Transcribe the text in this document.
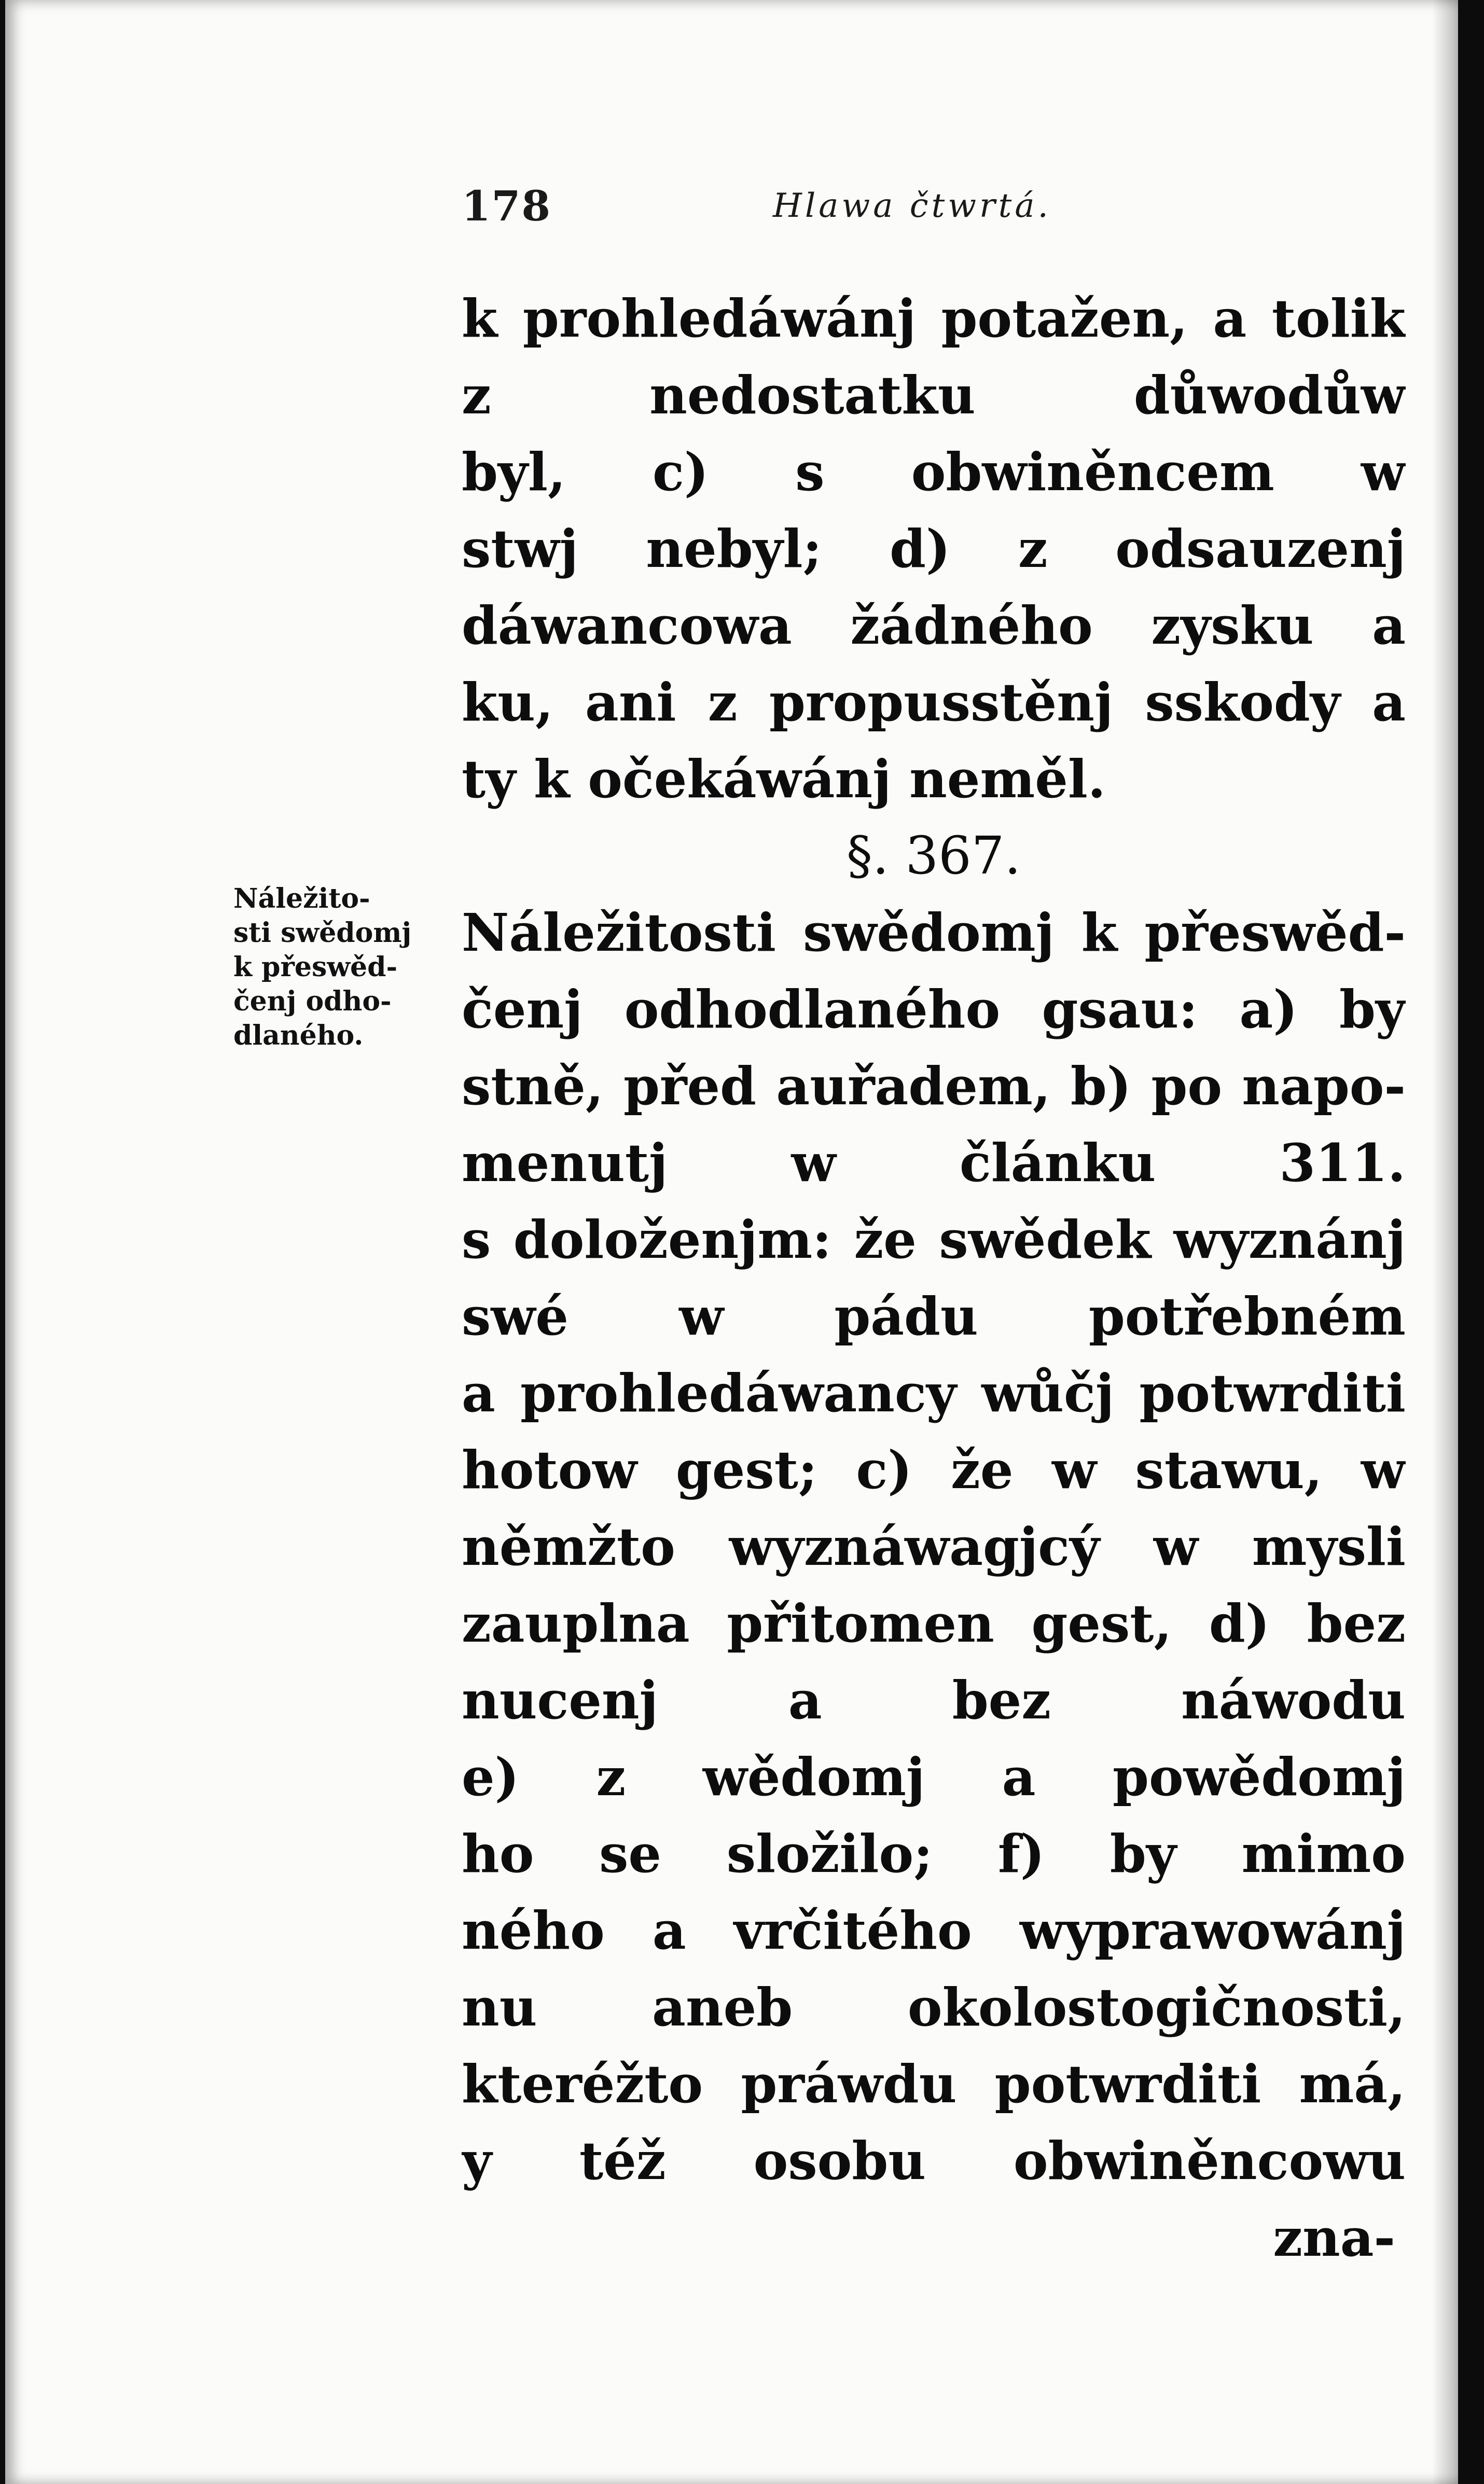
178	Hlawa čtwrtá.
Náležito-
sti swědomj
k přeswěd-
čenj odho-
dlaného.
k prohledáwánj potažen, a tolik
z nedostatku důwodůw
byl, c) s obwiněncem w
stwj nebyl; d) z odsauzenj
dáwancowa žádného zysku a
ku, ani z propusstěnj sskody a
ty k očekáwánj neměl.
§. 367.
Náležitosti swědomj k přeswěd-
čenj odhodlaného gsau: a) by
stně, před auřadem, b) po napo-
menutj w článku 311.
s doloženjm: že swědek wyznánj
swé w pádu potřebném
a prohledáwancy wůčj potwrditi
hotow gest; c) že w stawu, w
němžto wyznáwagjcý w mysli
zauplna přitomen gest, d) bez
nucenj a bez náwodu
e) z wědomj a powědomj
ho se složilo; f) by mimo
ného a vrčitého wyprawowánj
nu aneb okolostogičnosti,
kteréžto práwdu potwrditi má,
y též osobu obwiněncowu
zna-
